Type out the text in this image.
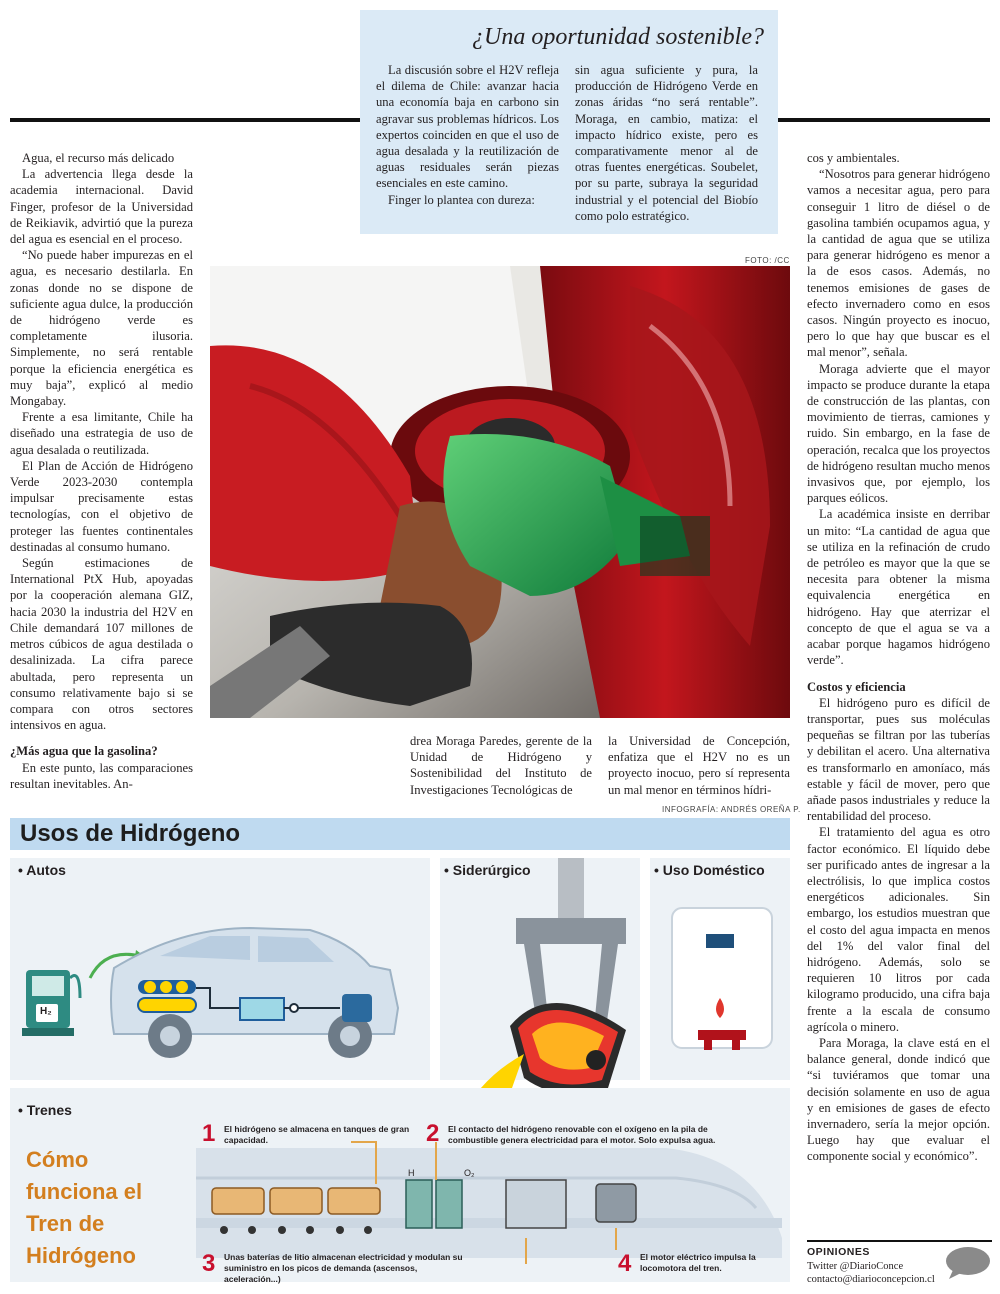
¿Una oportunidad sostenible?

La discusión sobre el H2V refleja el dilema de Chile: avanzar hacia una economía baja en carbono sin agravar sus problemas hídricos. Los expertos coinciden en que el uso de agua desalada y la reutilización de aguas residuales serán piezas esenciales en este camino.

Finger lo plantea con dureza:

sin agua suficiente y pura, la producción de Hidrógeno Verde en zonas áridas “no será rentable”. Moraga, en cambio, matiza: el impacto hídrico existe, pero es comparativamente menor al de otras fuentes energéticas. Soubelet, por su parte, subraya la seguridad industrial y el potencial del Biobío como polo estratégico.

Agua, el recurso más delicado

La advertencia llega desde la academia internacional. David Finger, profesor de la Universidad de Reikiavik, advirtió que la pureza del agua es esencial en el proceso.

“No puede haber impurezas en el agua, es necesario destilarla. En zonas donde no se dispone de suficiente agua dulce, la producción de hidrógeno verde es completamente ilusoria. Simplemente, no será rentable porque la eficiencia energética es muy baja”, explicó al medio Mongabay.

Frente a esa limitante, Chile ha diseñado una estrategia de uso de agua desalada o reutilizada.

El Plan de Acción de Hidrógeno Verde 2023-2030 contempla impulsar precisamente estas tecnologías, con el objetivo de proteger las fuentes continentales destinadas al consumo humano.

Según estimaciones de International PtX Hub, apoyadas por la cooperación alemana GIZ, hacia 2030 la industria del H2V en Chile demandará 107 millones de metros cúbicos de agua destilada o desalinizada. La cifra parece abultada, pero representa un consumo relativamente bajo si se compara con otros sectores intensivos en agua.

¿Más agua que la gasolina?

En este punto, las comparaciones resultan inevitables. An-

drea Moraga Paredes, gerente de la Unidad de Hidrógeno y Sostenibilidad del Instituto de Investigaciones Tecnológicas de

la Universidad de Concepción, enfatiza que el H2V no es un proyecto inocuo, pero sí representa un mal menor en términos hídri-

cos y ambientales.

“Nosotros para generar hidrógeno vamos a necesitar agua, pero para conseguir 1 litro de diésel o de gasolina también ocupamos agua, y la cantidad de agua que se utiliza para generar hidrógeno es menor a la de esos casos. Además, no tenemos emisiones de gases de efecto invernadero como en esos casos. Ningún proyecto es inocuo, pero lo que hay que buscar es el mal menor”, señala.

Moraga advierte que el mayor impacto se produce durante la etapa de construcción de las plantas, con movimiento de tierras, camiones y ruido. Sin embargo, en la fase de operación, recalca que los proyectos de hidrógeno resultan mucho menos invasivos que, por ejemplo, los parques eólicos.

La académica insiste en derribar un mito: “La cantidad de agua que se utiliza en la refinación de crudo de petróleo es mayor que la que se necesita para obtener la misma equivalencia energética en hidrógeno. Hay que aterrizar el concepto de que el agua se va a acabar porque hagamos hidrógeno verde”.

Costos y eficiencia

El hidrógeno puro es difícil de transportar, pues sus moléculas pequeñas se filtran por las tuberías y debilitan el acero. Una alternativa es transformarlo en amoníaco, más estable y fácil de mover, pero que añade pasos industriales y reduce la rentabilidad del proceso.

El tratamiento del agua es otro factor económico. El líquido debe ser purificado antes de ingresar a la electrólisis, lo que implica costos energéticos adicionales. Sin embargo, los estudios muestran que el costo del agua impacta en menos del 1% del valor final del hidrógeno. Además, solo se requieren 10 litros por cada kilogramo producido, una cifra baja frente a la escala de consumo agrícola o minero.

Para Moraga, la clave está en el balance general, donde indicó que “si tuviéramos que tomar una decisión solamente en uso de agua y en emisiones de gases de efecto invernadero, sería la mejor opción. Luego hay que evaluar el componente social y económico”.

FOTO: /CC
INFOGRAFÍA: ANDRÉS OREÑA P.
Usos de Hidrógeno
• Autos
H₂
• Siderúrgico	• Uso Doméstico
• Trenes
Cómo funciona el Tren de Hidrógeno
H	O₂
1 El hidrógeno se almacena en tanques de gran capacidad.	2 El contacto del hidrógeno renovable con el oxígeno en la pila de combustible genera electricidad para el motor. Solo expulsa agua.
3 Unas baterías de litio almacenan electricidad y modulan su suministro en los picos de demanda (ascensos, aceleración...)
4 El motor eléctrico impulsa la locomotora del tren.
OPINIONES
Twitter @DiarioConce
contacto@diarioconcepcion.cl
